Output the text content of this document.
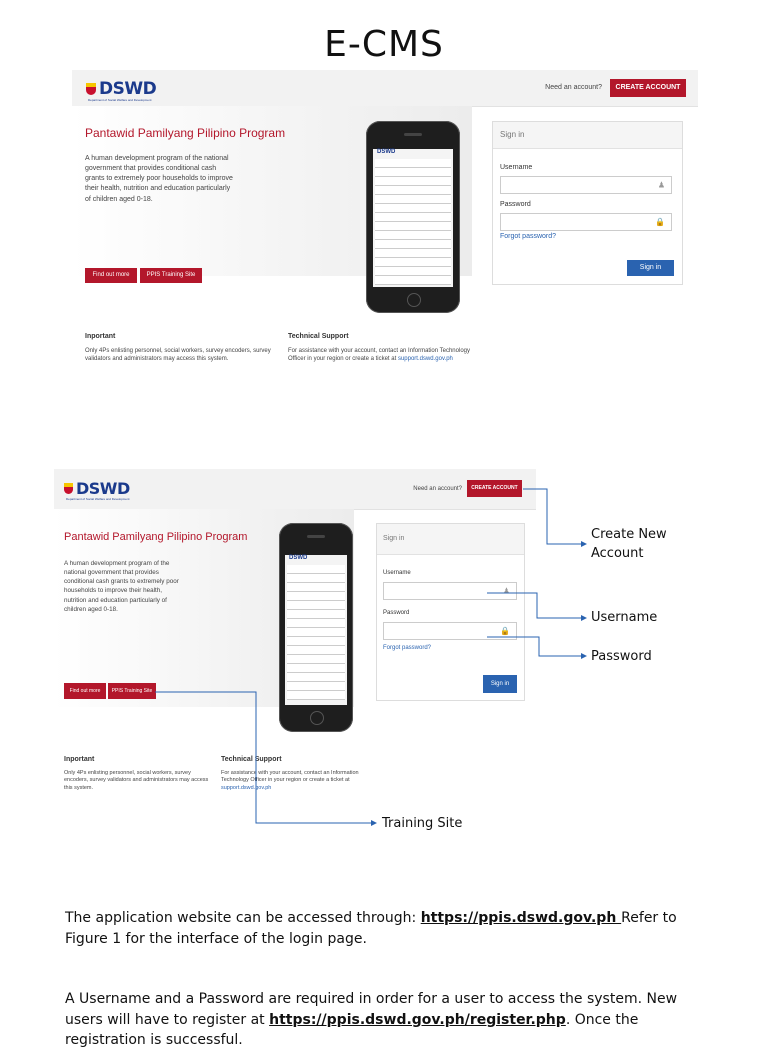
E-CMS
DSWD
Department of Social Welfare and Development
Need an account?	CREATE ACCOUNT
Pantawid Pamilyang Pilipino Program
A human development program of the national government that provides conditional cash grants to extremely poor households to improve their health, nutrition and education particularly of children aged 0-18.
Find out more	PPIS Training Site
DSWD
Sign in
Username
♟
Password
🔒
Forgot password?
Sign in
Inportant
Only 4Ps enlisting personnel, social workers, survey encoders, survey validators and administrators may access this system.
Technical Support
For assistance with your account, contact an Information Technology Officer in your region or create a ticket at support.dswd.gov.ph
DSWD
Department of Social Welfare and Development
Need an account?	CREATE ACCOUNT
Pantawid Pamilyang Pilipino Program
A human development program of the national government that provides conditional cash grants to extremely poor households to improve their health, nutrition and education particularly of children aged 0-18.
Find out more	PPIS Training Site
DSWD
Sign in
Username
♟
Password
🔒
Forgot password?
Sign in
Inportant
Only 4Ps enlisting personnel, social workers, survey encoders, survey validators and administrators may access this system.
Technical Support
For assistance with your account, contact an Information Technology Officer in your region or create a ticket at support.dswd.gov.ph
Create New Account
Username
Password
Training Site
The application website can be accessed through: https://ppis.dswd.gov.ph Refer to Figure 1 for the interface of the login page.
A Username and a Password are required in order for a user to access the system. New users will have to register at https://ppis.dswd.gov.ph/register.php. Once the registration is successful.
